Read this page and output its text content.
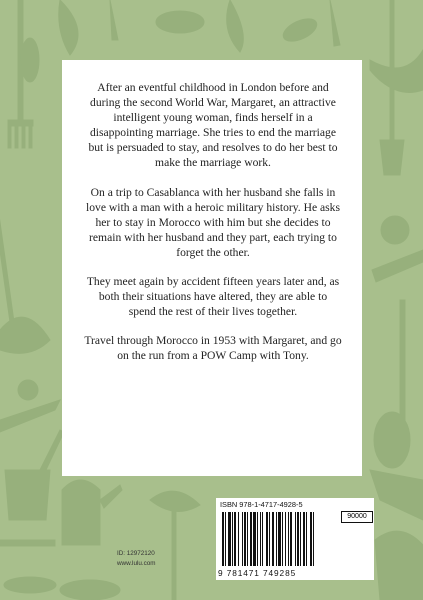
After an eventful childhood in London before and during the second World War, Margaret, an attractive intelligent young woman, finds herself in a disappointing marriage. She tries to end the marriage but is persuaded to stay, and resolves to do her best to make the marriage work.

On a trip to Casablanca with her husband she falls in love with a man with a heroic military history. He asks her to stay in Morocco with him but she decides to remain with her husband and they part, each trying to forget the other.

They meet again by accident fifteen years later and, as both their situations have altered, they are able to spend the rest of their lives together.

Travel through Morocco in 1953 with Margaret, and go on the run from a POW Camp with Tony.

ID: 12972120
www.lulu.com
ISBN 978-1-4717-4928-5
90000
9 781471 749285
